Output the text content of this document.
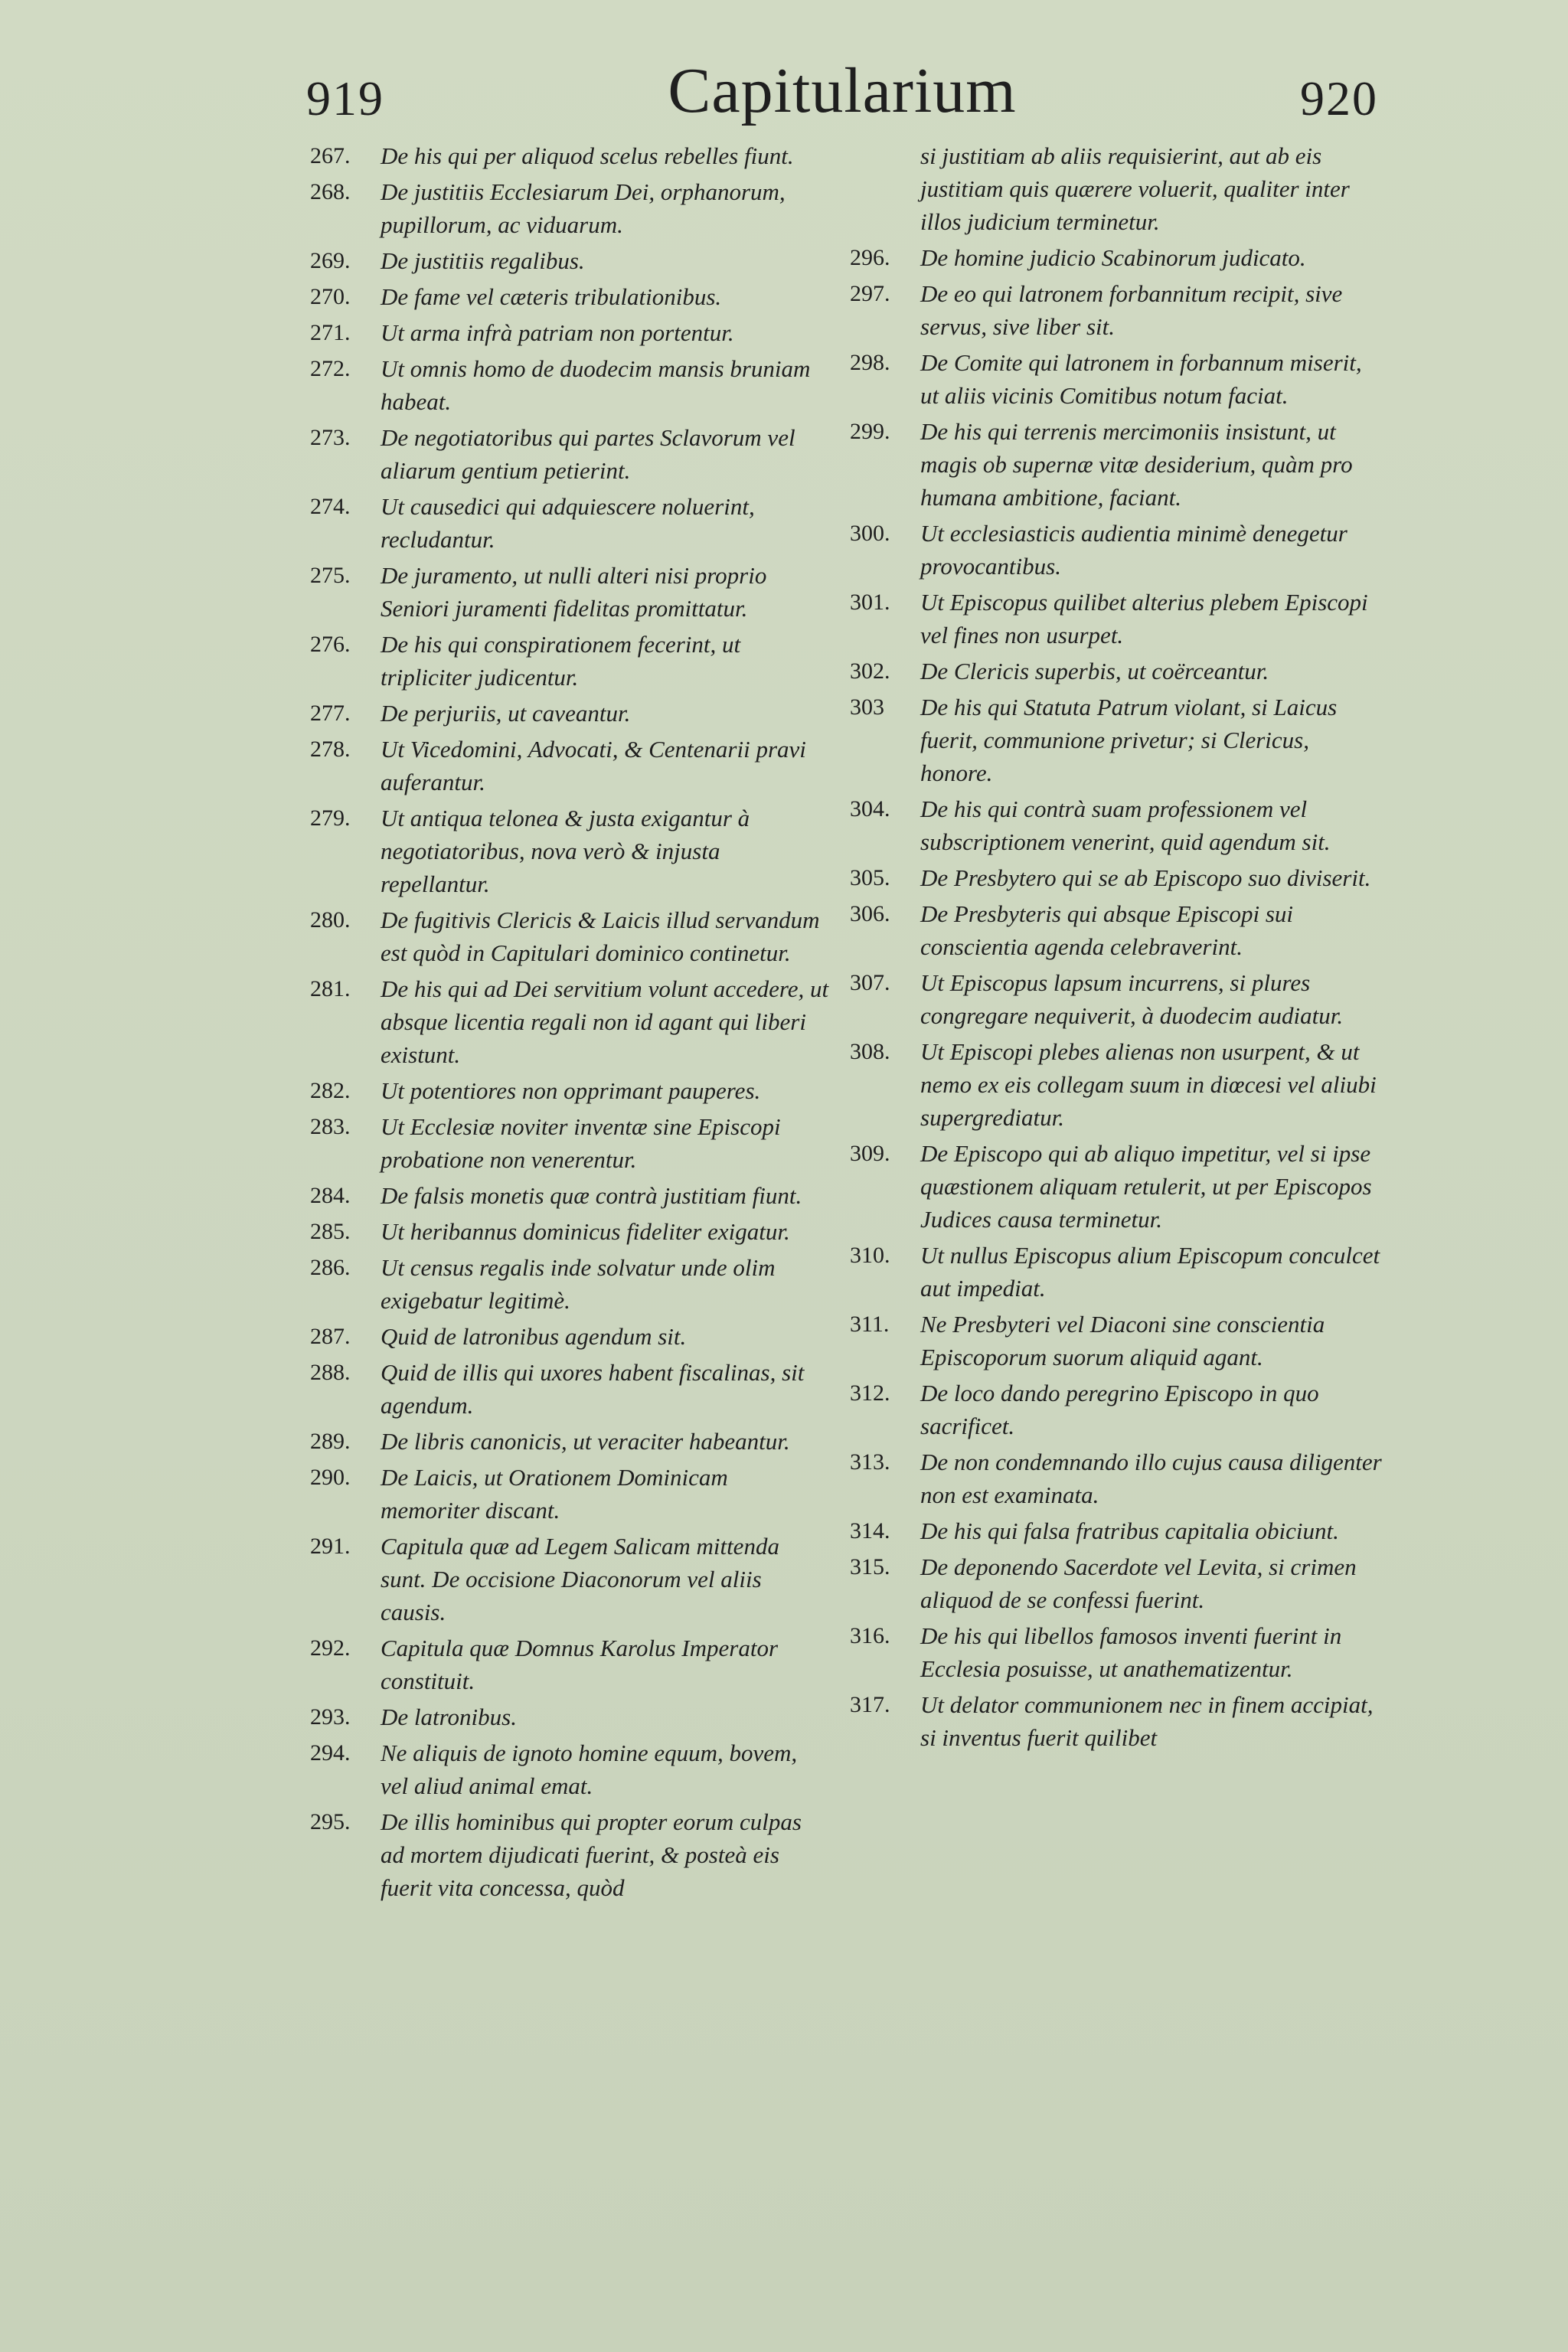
919	Capitularium	920
267.	De his qui per aliquod scelus rebelles fiunt.
268.	De justitiis Ecclesiarum Dei, orphanorum, pupillorum, ac viduarum.
269.	De justitiis regalibus.
270.	De fame vel cæteris tribulationibus.
271.	Ut arma infrà patriam non portentur.
272.	Ut omnis homo de duodecim mansis bruniam habeat.
273.	De negotiatoribus qui partes Sclavorum vel aliarum gentium petierint.
274.	Ut causedici qui adquiescere noluerint, recludantur.
275.	De juramento, ut nulli alteri nisi proprio Seniori juramenti fidelitas promittatur.
276.	De his qui conspirationem fecerint, ut tripliciter judicentur.
277.	De perjuriis, ut caveantur.
278.	Ut Vicedomini, Advocati, & Centenarii pravi auferantur.
279.	Ut antiqua telonea & justa exigantur à negotiatoribus, nova verò & injusta repellantur.
280.	De fugitivis Clericis & Laicis illud servandum est quòd in Capitulari dominico continetur.
281.	De his qui ad Dei servitium volunt accedere, ut absque licentia regali non id agant qui liberi existunt.
282.	Ut potentiores non opprimant pauperes.
283.	Ut Ecclesiæ noviter inventæ sine Episcopi probatione non venerentur.
284.	De falsis monetis quæ contrà justitiam fiunt.
285.	Ut heribannus dominicus fideliter exigatur.
286.	Ut census regalis inde solvatur unde olim exigebatur legitimè.
287.	Quid de latronibus agendum sit.
288.	Quid de illis qui uxores habent fiscalinas, sit agendum.
289.	De libris canonicis, ut veraciter habeantur.
290.	De Laicis, ut Orationem Dominicam memoriter discant.
291.	Capitula quæ ad Legem Salicam mittenda sunt. De occisione Diaconorum vel aliis causis.
292.	Capitula quæ Domnus Karolus Imperator constituit.
293.	De latronibus.
294.	Ne aliquis de ignoto homine equum, bovem, vel aliud animal emat.
295.	De illis hominibus qui propter eorum culpas ad mortem dijudicati fuerint, & posteà eis fuerit vita concessa, quòd
si justitiam ab aliis requisierint, aut ab eis justitiam quis quærere voluerit, qualiter inter illos judicium terminetur.
296.	De homine judicio Scabinorum judicato.
297.	De eo qui latronem forbannitum recipit, sive servus, sive liber sit.
298.	De Comite qui latronem in forbannum miserit, ut aliis vicinis Comitibus notum faciat.
299.	De his qui terrenis mercimoniis insistunt, ut magis ob supernæ vitæ desiderium, quàm pro humana ambitione, faciant.
300.	Ut ecclesiasticis audientia minimè denegetur provocantibus.
301.	Ut Episcopus quilibet alterius plebem Episcopi vel fines non usurpet.
302.	De Clericis superbis, ut coërceantur.
303	De his qui Statuta Patrum violant, si Laicus fuerit, communione privetur; si Clericus, honore.
304.	De his qui contrà suam professionem vel subscriptionem venerint, quid agendum sit.
305.	De Presbytero qui se ab Episcopo suo diviserit.
306.	De Presbyteris qui absque Episcopi sui conscientia agenda celebraverint.
307.	Ut Episcopus lapsum incurrens, si plures congregare nequiverit, à duodecim audiatur.
308.	Ut Episcopi plebes alienas non usurpent, & ut nemo ex eis collegam suum in diœcesi vel aliubi supergrediatur.
309.	De Episcopo qui ab aliquo impetitur, vel si ipse quæstionem aliquam retulerit, ut per Episcopos Judices causa terminetur.
310.	Ut nullus Episcopus alium Episcopum conculcet aut impediat.
311.	Ne Presbyteri vel Diaconi sine conscientia Episcoporum suorum aliquid agant.
312.	De loco dando peregrino Episcopo in quo sacrificet.
313.	De non condemnando illo cujus causa diligenter non est examinata.
314.	De his qui falsa fratribus capitalia obiciunt.
315.	De deponendo Sacerdote vel Levita, si crimen aliquod de se confessi fuerint.
316.	De his qui libellos famosos inventi fuerint in Ecclesia posuisse, ut anathematizentur.
317.	Ut delator communionem nec in finem accipiat, si inventus fuerit quilibet
